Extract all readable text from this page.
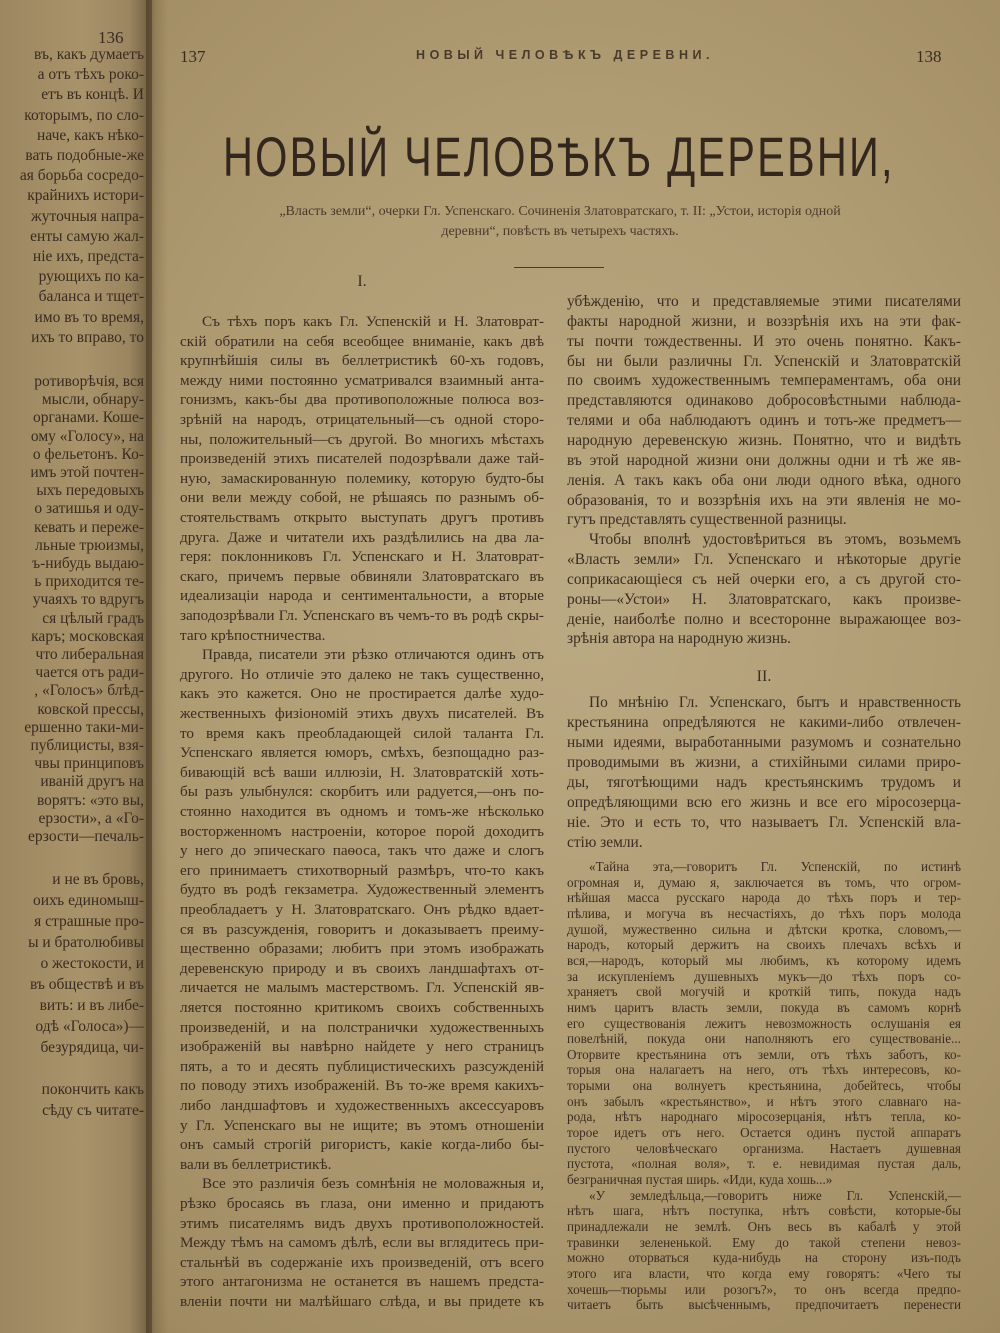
136
въ, какъ думаетъ
а отъ тѣхъ роко-
етъ въ концѣ. И
которымъ, по сло-
наче, какъ нѣко-
вать подобные-же
ая борьба сосредо-
крайнихъ истори-
жуточныя напра-
енты самую жал-
ніе ихъ, предста-
рующихъ по ка-
баланса и тщет-
имо въ то время,
ихъ то вправо, то
ротиворѣчія, вся
мысли, обнару-
органами. Коше-
ому «Голосу», на
о фельетонъ. Ко-
имъ этой почтен-
ыхъ передовыхъ
о затишья и оду-
кевать и пережe-
льные трюизмы,
ъ-нибудь выдаю-
ь приходится те-
учаяхъ то вдругъ
ся цѣлый градъ
каръ; московская
что либеральная
чается отъ ради-
, «Голосъ» блѣд-
ковской прессы,
ершенно таки-ми-
публицисты, взя-
чвы принциповъ
иваній другъ на
ворятъ: «это вы,
ерзости», а «Го-
ерзости—печаль-
и не въ бровь,
оихъ единомыш-
я страшные про-
ы и братолюбивы
о жестокости, и
въ обществѣ и въ
вить: и въ либе-
одѣ «Голоса»)—
безурядица, чи-
покончить какъ
сѣду съ читате-
137	НОВЫЙ ЧЕЛОВѢКЪ ДЕРЕВНИ.	138
НОВЫЙ ЧЕЛОВѢКЪ ДЕРЕВНИ,
„Власть земли“, очерки Гл. Успенскаго. Сочиненія Златовратскаго, т. II: „Устои, исторія одной
деревни“, повѣсть въ четырехъ частяхъ.
I.
Съ тѣхъ поръ какъ Гл. Успенскій и Н. Златоврат-
скій обратили на себя всеобщее вниманіе, какъ двѣ
крупнѣйшія силы въ беллетристикѣ 60-хъ годовъ,
между ними постоянно усматривался взаимный анта-
гонизмъ, какъ-бы два противоположные полюса воз-
зрѣній на народъ, отрицательный—съ одной сторо-
ны, положительный—съ другой. Во многихъ мѣстахъ
произведеній этихъ писателей подозрѣвали даже тай-
ную, замаскированную полемику, которую будто-бы
они вели между собой, не рѣшаясь по разнымъ об-
стоятельствамъ открыто выступать другъ противъ
друга. Даже и читатели ихъ раздѣлились на два ла-
геря: поклонниковъ Гл. Успенскаго и Н. Златоврат-
скаго, причемъ первые обвиняли Златовратскаго въ
идеализаціи народа и сентиментальности, а вторые
заподозрѣвали Гл. Успенскаго въ чемъ-то въ родѣ скры-
таго крѣпостничества.
Правда, писатели эти рѣзко отличаются одинъ отъ
другого. Но отличіе это далеко не такъ существенно,
какъ это кажется. Оно не простирается далѣе худо-
жественныхъ физіономій этихъ двухъ писателей. Въ
то время какъ преобладающей силой таланта Гл.
Успенскаго является юморъ, смѣхъ, безпощадно раз-
бивающій всѣ ваши иллюзіи, Н. Златовратскій хоть-
бы разъ улыбнулся: скорбитъ или радуется,—онъ по-
стоянно находится въ одномъ и томъ-же нѣсколько
восторженномъ настроеніи, которое порой доходитъ
у него до эпическаго паѳоса, такъ что даже и слогъ
его принимаетъ стихотворный размѣръ, что-то какъ
будто въ родѣ гекзаметра. Художественный элементъ
преобладаетъ у Н. Златовратскаго. Онъ рѣдко вдает-
ся въ разсужденія, говоритъ и доказываетъ преиму-
щественно образами; любитъ при этомъ изображать
деревенскую природу и въ своихъ ландшафтахъ от-
личается не малымъ мастерствомъ. Гл. Успенскій яв-
ляется постоянно критикомъ своихъ собственныхъ
произведеній, и на полстранички художественныхъ
изображеній вы навѣрно найдете у него страницъ
пять, а то и десять публицистическихъ разсужденій
по поводу этихъ изображеній. Въ то-же время какихъ-
либо ландшафтовъ и художественныхъ аксессуаровъ
у Гл. Успенскаго вы не ищите; въ этомъ отношеніи
онъ самый строгій ригористъ, какіе когда-либо бы-
вали въ беллетристикѣ.
Все это различія безъ сомнѣнія не моловажныя и,
рѣзко бросаясь въ глаза, они именно и придаютъ
этимъ писателямъ видъ двухъ противоположностей.
Между тѣмъ на самомъ дѣлѣ, если вы вглядитесь при-
стальнѣй въ содержаніе ихъ произведеній, отъ всего
этого антагонизма не останется въ нашемъ предста-
вленіи почти ни малѣйшаго слѣда, и вы придете къ
убѣжденію, что и представляемые этими писателями
факты народной жизни, и воззрѣнія ихъ на эти фак-
ты почти тождественны. И это очень понятно. Какъ-
бы ни были различны Гл. Успенскій и Златовратскій
по своимъ художественнымъ темпераментамъ, оба они
представляются одинаково добросовѣстными наблюда-
телями и оба наблюдаютъ одинъ и тотъ-же предметъ—
народную деревенскую жизнь. Понятно, что и видѣть
въ этой народной жизни они должны одни и тѣ же яв-
ленія. А такъ какъ оба они люди одного вѣка, одного
образованія, то и воззрѣнія ихъ на эти явленія не мо-
гутъ представлять существенной разницы.
Чтобы вполнѣ удостовѣриться въ этомъ, возьмемъ
«Власть земли» Гл. Успенскаго и нѣкоторые другіе
соприкасающіеся съ ней очерки его, а съ другой сто-
роны—«Устои» Н. Златовратскаго, какъ произве-
деніе, наиболѣе полно и всесторонне выражающее воз-
зрѣнія автора на народную жизнь.
II.
По мнѣнію Гл. Успенскаго, бытъ и нравственность
крестьянина опредѣляются не какими-либо отвлечен-
ными идеями, выработанными разумомъ и сознательно
проводимыми въ жизни, а стихійными силами приро-
ды, тяготѣющими надъ крестьянскимъ трудомъ и
опредѣляющими всю его жизнь и все его міросозерца-
ніе. Это и есть то, что называетъ Гл. Успенскій вла-
стію земли.
«Тайна эта,—говоритъ Гл. Успенскій, по истинѣ
огромная и, думаю я, заключается въ томъ, что огром-
нѣйшая масса русскаго народа до тѣхъ поръ и тер-
пѣлива, и могуча въ несчастіяхъ, до тѣхъ поръ молода
душой, мужественно сильна и дѣтски кротка, словомъ,—
народъ, который держитъ на своихъ плечахъ всѣхъ и
вся,—народъ, который мы любимъ, къ которому идемъ
за искупленіемъ душевныхъ мукъ—до тѣхъ поръ со-
храняетъ свой могучій и кроткій типъ, покуда надъ
нимъ царитъ власть земли, покуда въ самомъ корнѣ
его существованія лежитъ невозможность ослушанія ея
повелѣній, покуда они наполняютъ его существованіе...
Оторвите крестьянина отъ земли, отъ тѣхъ заботъ, ко-
торыя она налагаетъ на него, отъ тѣхъ интересовъ, ко-
торыми она волнуетъ крестьянина, добейтесь, чтобы
онъ забылъ «крестьянство», и нѣтъ этого славнаго на-
рода, нѣтъ народнаго міросозерцанія, нѣтъ тепла, ко-
торое идетъ отъ него. Остается одинъ пустой аппаратъ
пустого человѣческаго организма. Настаетъ душевная
пустота, «полная воля», т. е. невидимая пустая даль,
безграничная пустая ширь. «Иди, куда хошь...»
«У земледѣльца,—говоритъ ниже Гл. Успенскій,—
нѣтъ шага, нѣтъ поступка, нѣтъ совѣсти, которые-бы
принадлежали не землѣ. Онъ весь въ кабалѣ у этой
травинки зелененькой. Ему до такой степени невоз-
можно оторваться куда-нибудь на сторону изъ-подъ
этого ига власти, что когда ему говорятъ: «Чего ты
хочешь—тюрьмы или розогъ?», то онъ всегда предпо-
читаетъ быть высѣченнымъ, предпочитаетъ перенести
